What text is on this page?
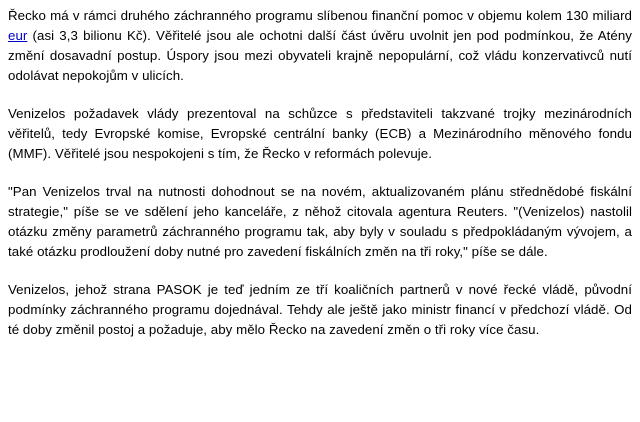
Řecko má v rámci druhého záchranného programu slíbenou finanční pomoc v objemu kolem 130 miliard eur (asi 3,3 bilionu Kč). Věřitelé jsou ale ochotni další část úvěru uvolnit jen pod podmínkou, že Atény změní dosavadní postup. Úspory jsou mezi obyvateli krajně nepopulární, což vládu konzervativců nutí odolávat nepokojům v ulicích.

Venizelos požadavek vlády prezentoval na schůzce s představiteli takzvané trojky mezinárodních věřitelů, tedy Evropské komise, Evropské centrální banky (ECB) a Mezinárodního měnového fondu (MMF). Věřitelé jsou nespokojeni s tím, že Řecko v reformách polevuje.

"Pan Venizelos trval na nutnosti dohodnout se na novém, aktualizovaném plánu střednědobé fiskální strategie," píše se ve sdělení jeho kanceláře, z něhož citovala agentura Reuters. "(Venizelos) nastolil otázku změny parametrů záchranného programu tak, aby byly v souladu s předpokládaným vývojem, a také otázku prodloužení doby nutné pro zavedení fiskálních změn na tři roky," píše se dále.

Venizelos, jehož strana PASOK je teď jedním ze tří koaličních partnerů v nové řecké vládě, původní podmínky záchranného programu dojednával. Tehdy ale ještě jako ministr financí v předchozí vládě. Od té doby změnil postoj a požaduje, aby mělo Řecko na zavedení změn o tři roky více času.
